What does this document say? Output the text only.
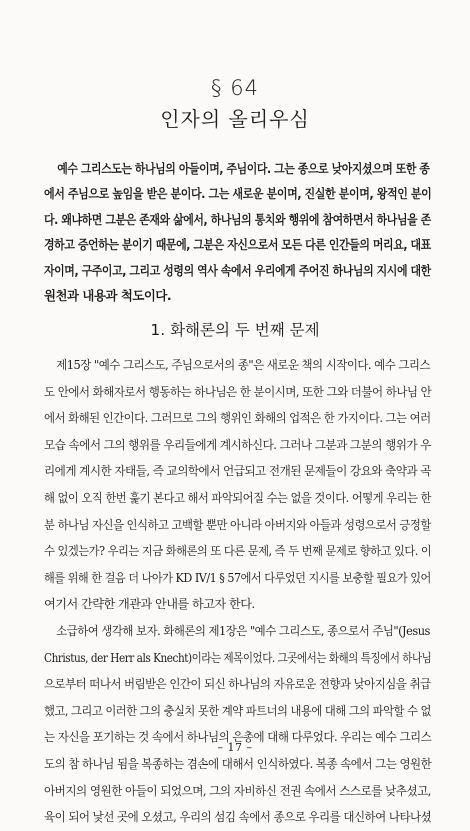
§ 64
인자의 올리우심
예수 그리스도는 하나님의 아들이며, 주님이다. 그는 종으로 낮아지셨으며 또한 종
에서 주님으로 높임을 받은 분이다. 그는 새로운 분이며, 진실한 분이며, 왕적인 분이
다. 왜냐하면 그분은 존재와 삶에서, 하나님의 통치와 행위에 참여하면서 하나님을 존
경하고 증언하는 분이기 때문에, 그분은 자신으로서 모든 다른 인간들의 머리요, 대표
자이며, 구주이고, 그리고 성령의 역사 속에서 우리에게 주어진 하나님의 지시에 대한
원천과 내용과 척도이다.
1. 화해론의 두 번째 문제
제15장 "예수 그리스도, 주님으로서의 종"은 새로운 책의 시작이다. 예수 그리스
도 안에서 화해자로서 행동하는 하나님은 한 분이시며, 또한 그와 더불어 하나님 안
에서 화해된 인간이다. 그러므로 그의 행위인 화해의 업적은 한 가지이다. 그는 여러
모습 속에서 그의 행위를 우리들에게 계시하신다. 그러나 그분과 그분의 행위가 우
리에게 계시한 자태들, 즉 교의학에서 언급되고 전개된 문제들이 강요와 축약과 곡
해 없이 오직 한번 훑기 본다고 해서 파악되어질 수는 없을 것이다. 어떻게 우리는 한
분 하나님 자신을 인식하고 고백할 뿐만 아니라 아버지와 아들과 성령으로서 긍정할
수 있겠는가? 우리는 지금 화해론의 또 다른 문제, 즉 두 번째 문제로 향하고 있다. 이
해를 위해 한 걸음 더 나아가 KD IV/1 § 57에서 다루었던 지시를 보충할 필요가 있어
여기서 간략한 개관과 안내를 하고자 한다.
소급하여 생각해 보자. 화해론의 제1장은 "예수 그리스도, 종으로서 주님"(Jesus
Christus, der Herr als Knecht)이라는 제목이었다. 그곳에서는 화해의 특징에서 하나님
으로부터 떠나서 버림받은 인간이 되신 하나님의 자유로운 전향과 낮아지심을 취급
했고, 그리고 이러한 그의 충실치 못한 계약 파트너의 내용에 대해 그의 파악할 수 없
는 자신을 포기하는 것 속에서 하나님의 은총에 대해 다루었다. 우리는 예수 그리스
도의 참 하나님 됨을 복종하는 겸손에 대해서 인식하였다. 복종 속에서 그는 영원한
아버지의 영원한 아들이 되었으며, 그의 자비하신 전권 속에서 스스로를 낮추셨고,
육이 되어 낯선 곳에 오셨고, 우리의 섬김 속에서 종으로 우리를 대신하여 나타나셨
– 17 –
